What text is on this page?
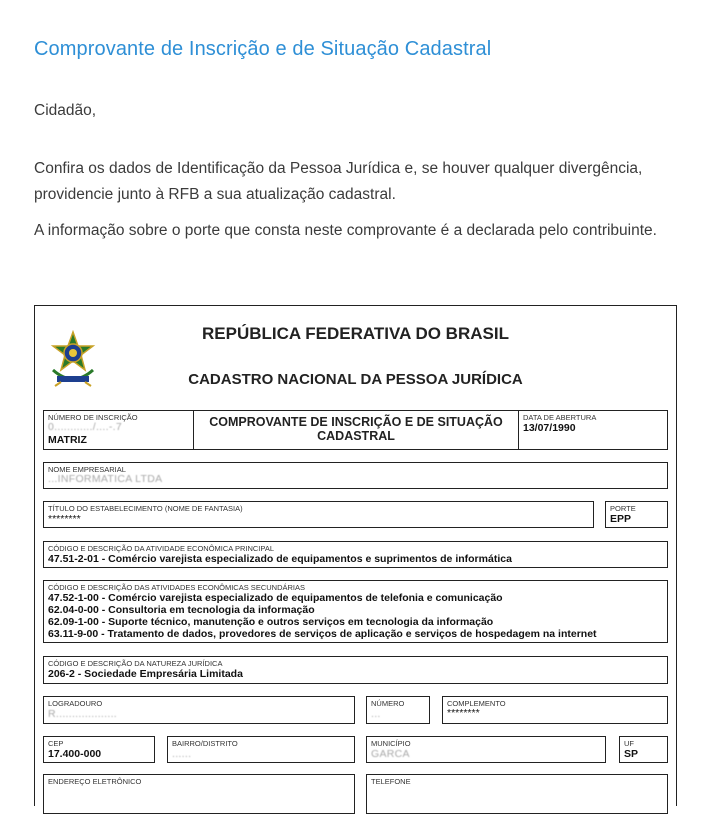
Comprovante de Inscrição e de Situação Cadastral
Cidadão,
Confira os dados de Identificação da Pessoa Jurídica e, se houver qualquer divergência, providencie junto à RFB a sua atualização cadastral.
A informação sobre o porte que consta neste comprovante é a declarada pelo contribuinte.
REPÚBLICA FEDERATIVA DO BRASIL
CADASTRO NACIONAL DA PESSOA JURÍDICA
NÚMERO DE INSCRIÇÃO
0............/....-.7
MATRIZ
COMPROVANTE DE INSCRIÇÃO E DE SITUAÇÃO CADASTRAL
DATA DE ABERTURA
13/07/1990
NOME EMPRESARIAL
...INFORMATICA LTDA
TÍTULO DO ESTABELECIMENTO (NOME DE FANTASIA)
********
PORTE
EPP
CÓDIGO E DESCRIÇÃO DA ATIVIDADE ECONÔMICA PRINCIPAL
47.51-2-01 - Comércio varejista especializado de equipamentos e suprimentos de informática
CÓDIGO E DESCRIÇÃO DAS ATIVIDADES ECONÔMICAS SECUNDÁRIAS
47.52-1-00 - Comércio varejista especializado de equipamentos de telefonia e comunicação
62.04-0-00 - Consultoria em tecnologia da informação
62.09-1-00 - Suporte técnico, manutenção e outros serviços em tecnologia da informação
63.11-9-00 - Tratamento de dados, provedores de serviços de aplicação e serviços de hospedagem na internet
CÓDIGO E DESCRIÇÃO DA NATUREZA JURÍDICA
206-2 - Sociedade Empresária Limitada
LOGRADOURO
R...................
NÚMERO
...
COMPLEMENTO
********
CEP
17.400-000
BAIRRO/DISTRITO
......
MUNICÍPIO
GARCA
UF
SP
ENDEREÇO ELETRÔNICO	TELEFONE
